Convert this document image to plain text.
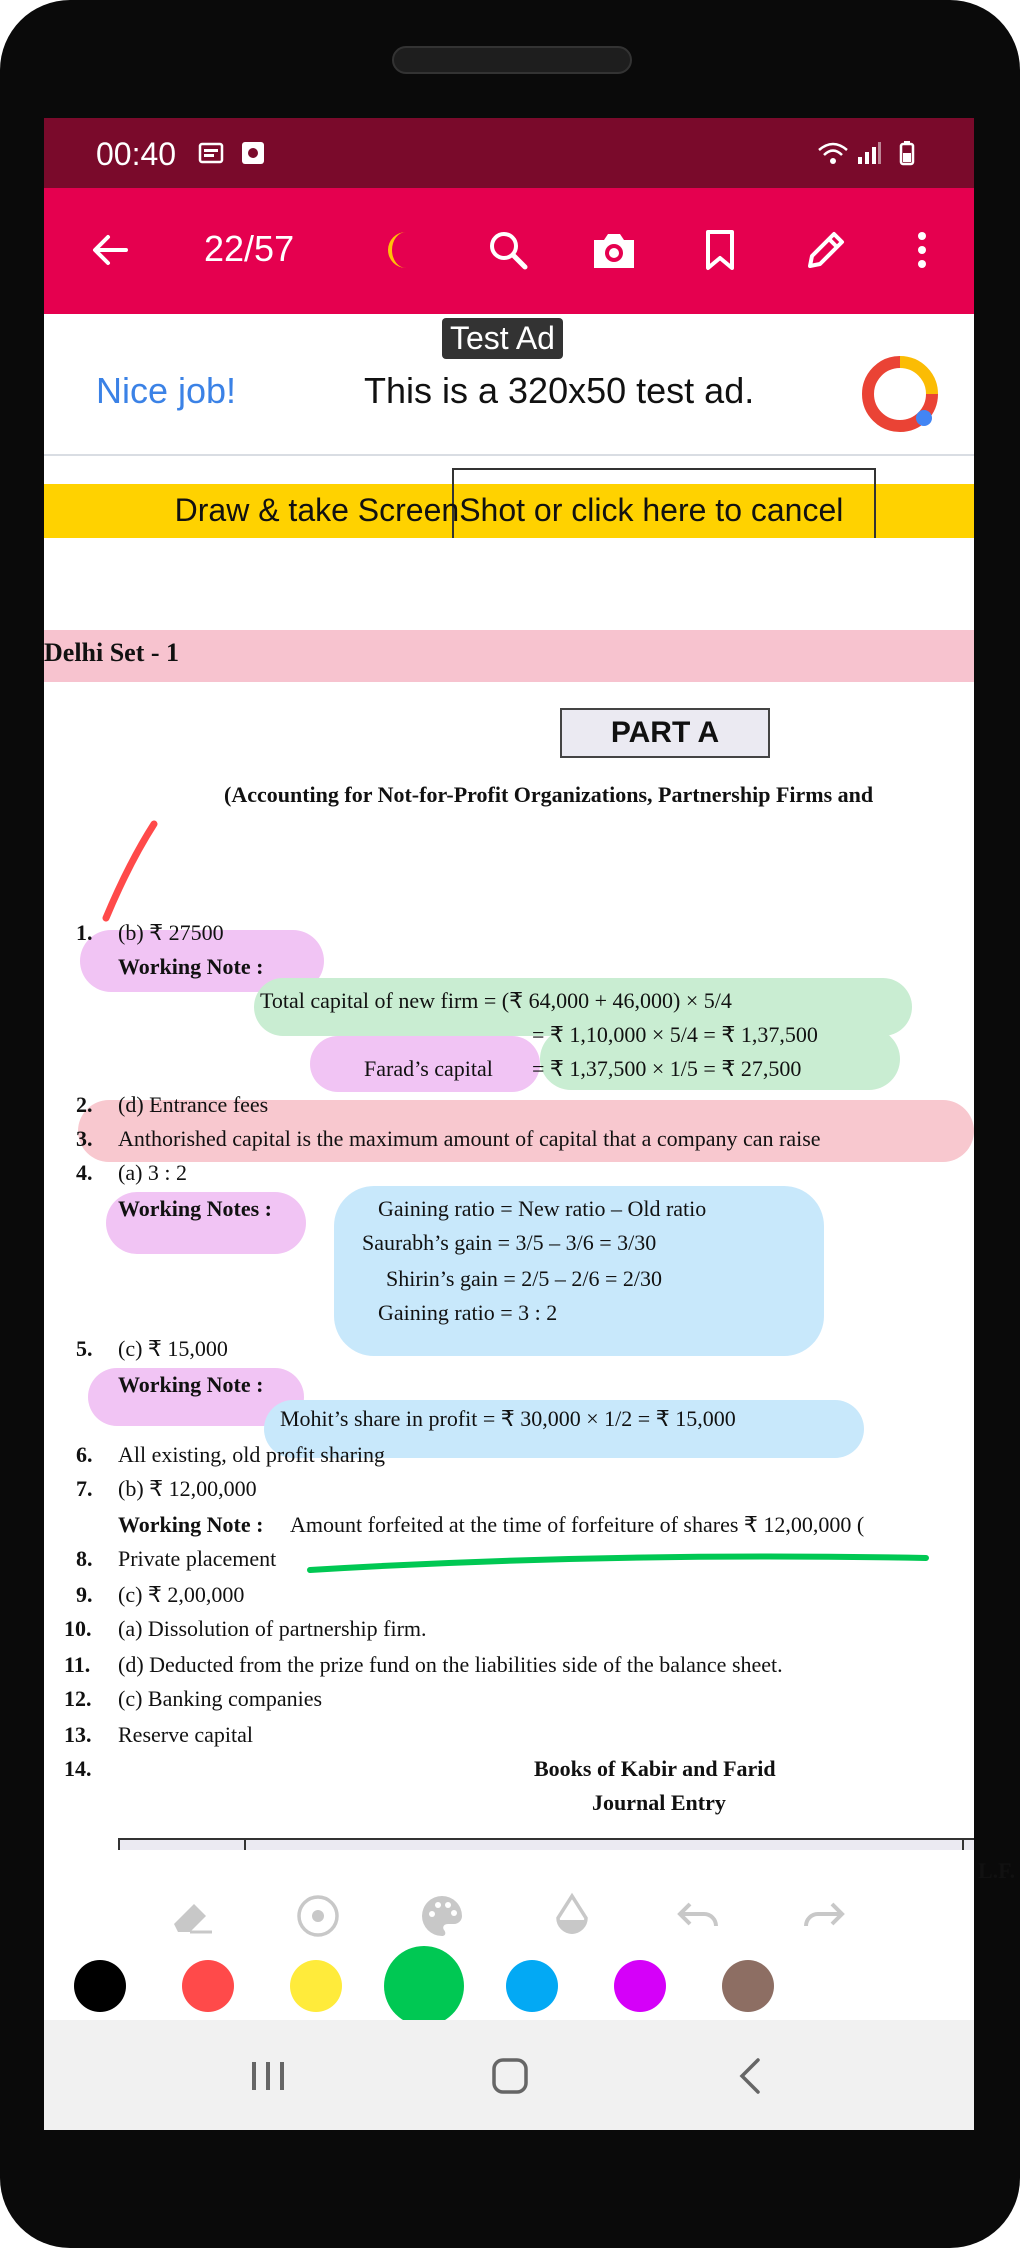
00:40
22/57
Test Ad
Nice job!	This is a 320x50 test ad.
Draw & take ScreenShot or click here to cancel
Delhi Set - 1
PART A
(Accounting for Not-for-Profit Organizations, Partnership Firms and
1. (b) ₹ 27500
Working Note :
Total capital of new firm = (₹ 64,000 + 46,000) × 5/4
= ₹ 1,10,000 × 5/4 = ₹ 1,37,500
Farad’s capital = ₹ 1,37,500 × 1/5 = ₹ 27,500
2. (d) Entrance fees
3. Anthorished capital is the maximum amount of capital that a company can raise
4. (a) 3 : 2
Working Notes :	Gaining ratio = New ratio – Old ratio
Saurabh’s gain = 3/5 – 3/6 = 3/30
Shirin’s gain = 2/5 – 2/6 = 2/30
Gaining ratio = 3 : 2
5. (c) ₹ 15,000
Working Note :
Mohit’s share in profit = ₹ 30,000 × 1/2 = ₹ 15,000
6. All existing, old profit sharing
7. (b) ₹ 12,00,000
Working Note : Amount forfeited at the time of forfeiture of shares ₹ 12,00,000 (
8. Private placement
9. (c) ₹ 2,00,000
10. (a) Dissolution of partnership firm.
11. (d) Deducted from the prize fund on the liabilities side of the balance sheet.
12. (c) Banking companies
13. Reserve capital
14.	Books of Kabir and Farid
Journal Entry
L.F.
